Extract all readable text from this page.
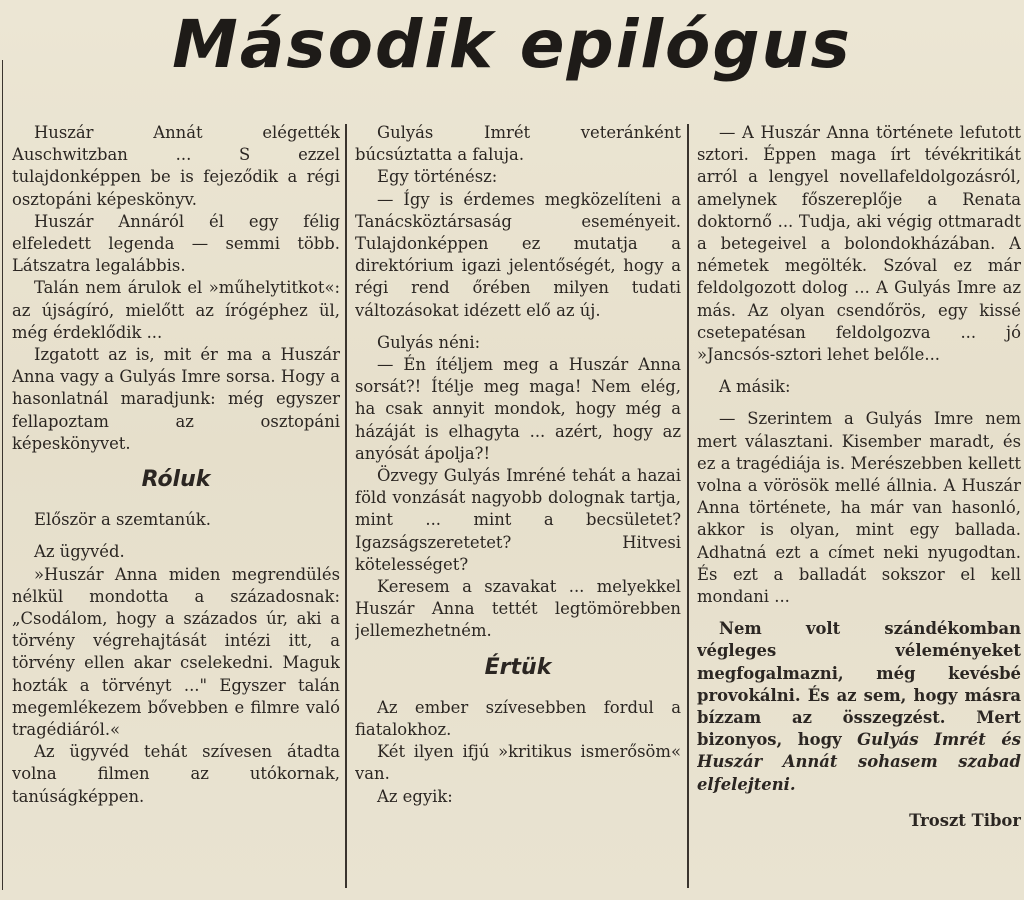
Második epilógus

Huszár Annát elégették Auschwitzban ... S ezzel tulajdonképpen be is fejeződik a régi osztopáni képeskönyv.

Huszár Annáról él egy félig elfeledett legenda — semmi több. Látszatra legalábbis.

Talán nem árulok el »műhelytitkot«: az újságíró, mielőtt az írógéphez ül, még érdeklődik ...

Izgatott az is, mit ér ma a Huszár Anna vagy a Gulyás Imre sorsa. Hogy a hasonlatnál maradjunk: még egyszer fellapoztam az osztopáni képeskönyvet.

Róluk

Először a szemtanúk.

Az ügyvéd.

»Huszár Anna miden megrendülés nélkül mondotta a századosnak: „Csodálom, hogy a százados úr, aki a törvény végrehajtását intézi itt, a törvény ellen akar cselekedni. Maguk hozták a törvényt ..." Egyszer talán megemlékezem bővebben e filmre való tragédiáról.«

Az ügyvéd tehát szívesen átadta volna filmen az utókornak, tanúságképpen.

Gulyás Imrét veteránként búcsúztatta a faluja.

Egy történész:

— Így is érdemes megközelíteni a Tanácsköztársaság eseményeit. Tulajdonképpen ez mutatja a direktórium igazi jelentőségét, hogy a régi rend őrében milyen tudati változásokat idézett elő az új.

Gulyás néni:

— Én ítéljem meg a Huszár Anna sorsát?! Ítélje meg maga! Nem elég, ha csak annyit mondok, hogy még a házáját is elhagyta ... azért, hogy az anyósát ápolja?!

Özvegy Gulyás Imréné tehát a hazai föld vonzását nagyobb dolognak tartja, mint ... mint a becsületet? Igazságszeretetet? Hitvesi kötelességet?

Keresem a szavakat ... melyekkel Huszár Anna tettét legtömörebben jellemezhetném.

Értük

Az ember szívesebben fordul a fiatalokhoz.

Két ilyen ifjú »kritikus ismerősöm« van.

Az egyik:

— A Huszár Anna története lefutott sztori. Éppen maga írt tévékritikát arról a lengyel novellafeldolgozásról, amelynek főszereplője a Renata doktornő ... Tudja, aki végig ottmaradt a betegeivel a bolondokházában. A németek megölték. Szóval ez már feldolgozott dolog ... A Gulyás Imre az más. Az olyan csendőrös, egy kissé csetepatésan feldolgozva ... jó »Jancsós-sztori lehet belőle...

A másik:

— Szerintem a Gulyás Imre nem mert választani. Kisember maradt, és ez a tragédiája is. Merészebben kellett volna a vörösök mellé állnia. A Huszár Anna története, ha már van hasonló, akkor is olyan, mint egy ballada. Adhatná ezt a címet neki nyugodtan. És ezt a balladát sokszor el kell mondani ...

Nem volt szándékomban végleges véleményeket megfogalmazni, még kevésbé provokálni. És az sem, hogy másra bízzam az összegzést. Mert bizonyos, hogy Gulyás Imrét és Huszár Annát sohasem szabad elfelejteni.

Troszt Tibor
